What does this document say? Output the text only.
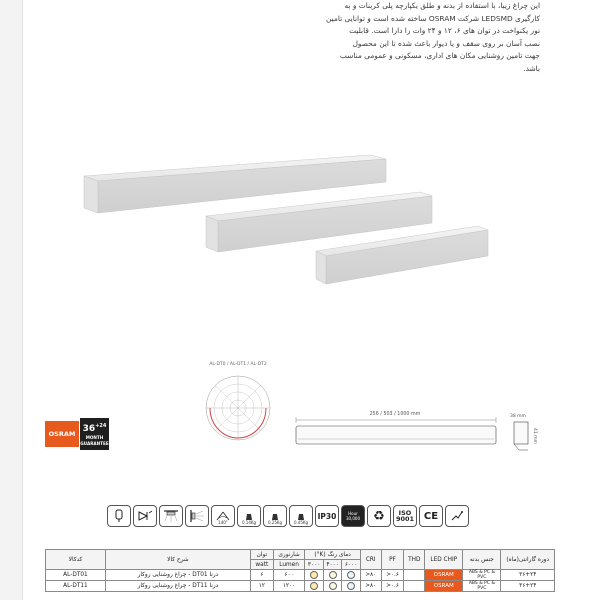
این چراغ زیبا، با استفاده از بدنه و طلق یکپارچه پلی کربنات و به

کارگیری LEDSMD شرکت OSRAM ساخته شده است و توانایی تامین

نور یکنواخت در توان های ۶، ۱۲ و ۲۴ وات را دارا است. قابلیت

نصب آسان بر روی سقف و یا دیوار باعث شده تا این محصول

جهت تامین روشنایی مکان های اداری، مسکونی و عمومی مناسب

باشد.

AL-DT0 / AL-DT1 / AL-DT2
OSRAM $36^{+24}$
MONTH
GUARANTEE
256 / 503 / 1000 mm	38 mm
41 mm
140°	0.14Kg	0.25Kg	0.45Kg
IP30	Hour 30,000	♻	ISO 9001 CE
کدکالا	شرح کالا	توان	شارنوری	دمای رنگ (K°)			CRI	PF	THD	LED CHIP	جنس بدنه	دوره گارانتی(ماه)
		watt	Lumen	۳۰۰۰	۴۰۰۰	۶۰۰۰						
AL-DT01	درنا DT01 - چراغ روشنایی روکار	۶	۶۰۰				>۸۰	>۰.۶		OSRAM	ABS & PC & PVC	۳۶+۲۴
AL-DT11	درنا DT11 - چراغ روشنایی روکار	۱۲	۱۲۰۰				>۸۰	>۰.۶		OSRAM	ABS & PC & PVC	۳۶+۲۴
